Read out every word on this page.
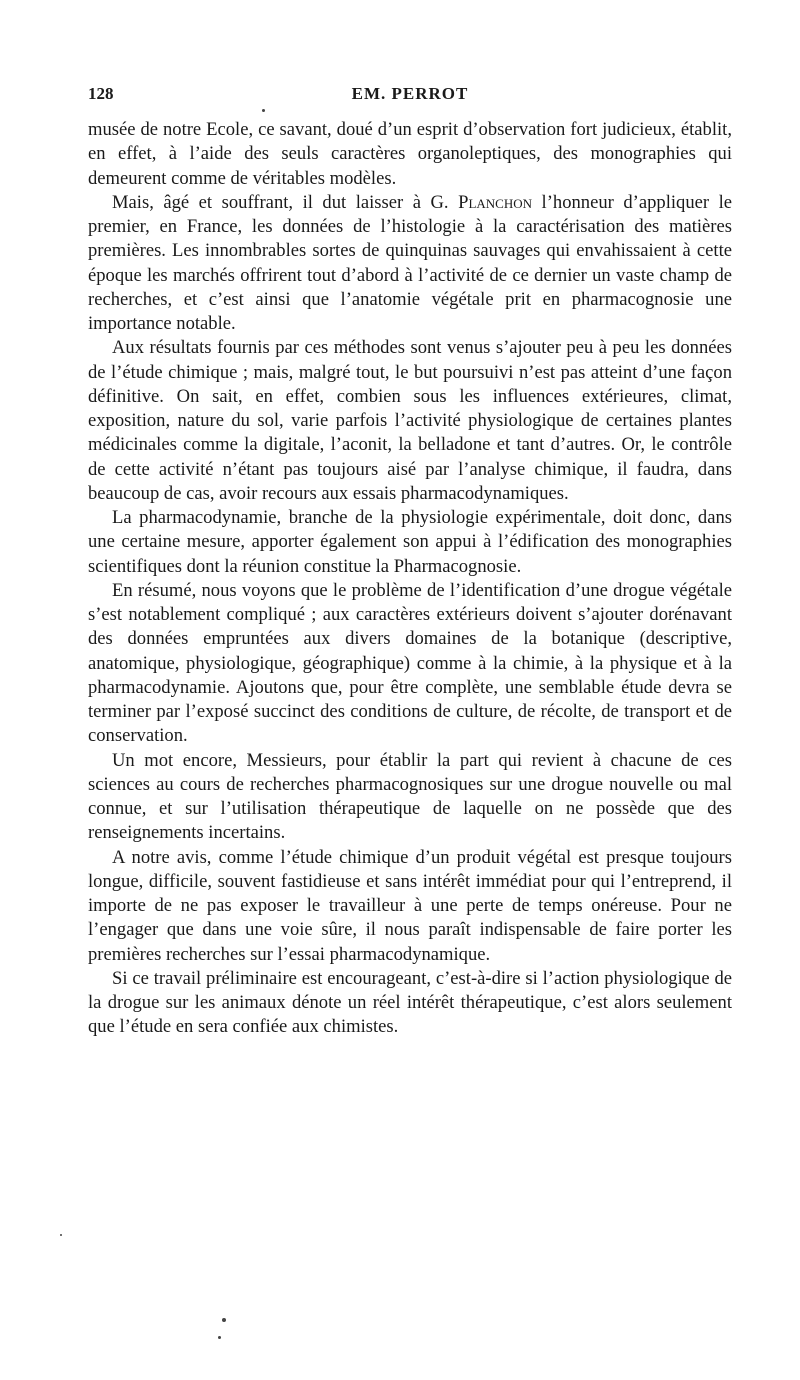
128	EM. PERROT

musée de notre Ecole, ce savant, doué d’un esprit d’observation fort judicieux, établit, en effet, à l’aide des seuls caractères organoleptiques, des monographies qui demeurent comme de véritables modèles.

Mais, âgé et souffrant, il dut laisser à G. Planchon l’honneur d’appliquer le premier, en France, les données de l’histologie à la caractérisation des matières premières. Les innombrables sortes de quinquinas sauvages qui envahissaient à cette époque les marchés offrirent tout d’abord à l’activité de ce dernier un vaste champ de recherches, et c’est ainsi que l’anatomie végétale prit en pharmacognosie une importance notable.

Aux résultats fournis par ces méthodes sont venus s’ajouter peu à peu les données de l’étude chimique ; mais, malgré tout, le but poursuivi n’est pas atteint d’une façon définitive. On sait, en effet, combien sous les influences extérieures, climat, exposition, nature du sol, varie parfois l’activité physiologique de certaines plantes médicinales comme la digitale, l’aconit, la belladone et tant d’autres. Or, le contrôle de cette activité n’étant pas toujours aisé par l’analyse chimique, il faudra, dans beaucoup de cas, avoir recours aux essais pharmacodynamiques.

La pharmacodynamie, branche de la physiologie expérimentale, doit donc, dans une certaine mesure, apporter également son appui à l’édification des monographies scientifiques dont la réunion constitue la Pharmacognosie.

En résumé, nous voyons que le problème de l’identification d’une drogue végétale s’est notablement compliqué ; aux caractères extérieurs doivent s’ajouter dorénavant des données empruntées aux divers domaines de la botanique (descriptive, anatomique, physiologique, géographique) comme à la chimie, à la physique et à la pharmacodynamie. Ajoutons que, pour être complète, une semblable étude devra se terminer par l’exposé succinct des conditions de culture, de récolte, de transport et de conservation.

Un mot encore, Messieurs, pour établir la part qui revient à chacune de ces sciences au cours de recherches pharmacognosiques sur une drogue nouvelle ou mal connue, et sur l’utilisation thérapeutique de laquelle on ne possède que des renseignements incertains.

A notre avis, comme l’étude chimique d’un produit végétal est presque toujours longue, difficile, souvent fastidieuse et sans intérêt immédiat pour qui l’entreprend, il importe de ne pas exposer le travailleur à une perte de temps onéreuse. Pour ne l’engager que dans une voie sûre, il nous paraît indispensable de faire porter les premières recherches sur l’essai pharmacodynamique.

Si ce travail préliminaire est encourageant, c’est-à-dire si l’action physiologique de la drogue sur les animaux dénote un réel intérêt thérapeutique, c’est alors seulement que l’étude en sera confiée aux chimistes.
